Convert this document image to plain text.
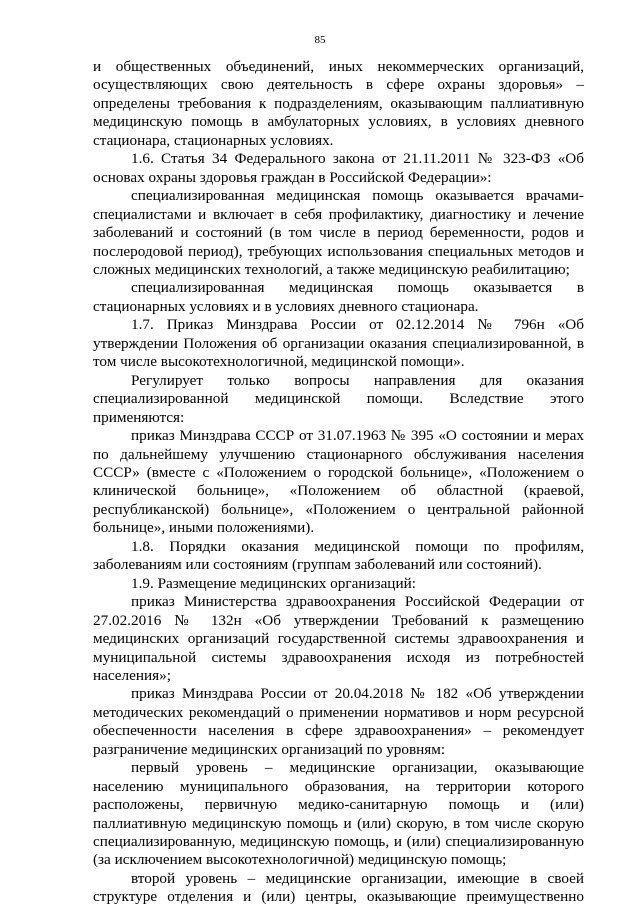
85

и общественных объединений, иных некоммерческих организаций, осуществляющих свою деятельность в сфере охраны здоровья» – определены требования к подразделениям, оказывающим паллиативную медицинскую помощь в амбулаторных условиях, в условиях дневного стационара, стационарных условиях.

1.6. Статья 34 Федерального закона от 21.11.2011 № 323-ФЗ «Об основах охраны здоровья граждан в Российской Федерации»:

специализированная медицинская помощь оказывается врачами-специалистами и включает в себя профилактику, диагностику и лечение заболеваний и состояний (в том числе в период беременности, родов и послеродовой период), требующих использования специальных методов и сложных медицинских технологий, а также медицинскую реабилитацию;

специализированная медицинская помощь оказывается в стационарных условиях и в условиях дневного стационара.

1.7. Приказ Минздрава России от 02.12.2014 № 796н «Об утверждении Положения об организации оказания специализированной, в том числе высокотехнологичной, медицинской помощи».

Регулирует только вопросы направления для оказания специализированной медицинской помощи. Вследствие этого применяются:

приказ Минздрава СССР от 31.07.1963 № 395 «О состоянии и мерах по дальнейшему улучшению стационарного обслуживания населения СССР» (вместе с «Положением о городской больнице», «Положением о клинической больнице», «Положением об областной (краевой, республиканской) больнице», «Положением о центральной районной больнице», иными положениями).

1.8. Порядки оказания медицинской помощи по профилям, заболеваниям или состояниям (группам заболеваний или состояний).

1.9. Размещение медицинских организаций:

приказ Министерства здравоохранения Российской Федерации от 27.02.2016 № 132н «Об утверждении Требований к размещению медицинских организаций государственной системы здравоохранения и муниципальной системы здравоохранения исходя из потребностей населения»;

приказ Минздрава России от 20.04.2018 № 182 «Об утверждении методических рекомендаций о применении нормативов и норм ресурсной обеспеченности населения в сфере здравоохранения» – рекомендует разграничение медицинских организаций по уровням:

первый уровень – медицинские организации, оказывающие населению муниципального образования, на территории которого расположены, первичную медико-санитарную помощь и (или) паллиативную медицинскую помощь и (или) скорую, в том числе скорую специализированную, медицинскую помощь, и (или) специализированную (за исключением высокотехнологичной) медицинскую помощь;

второй уровень – медицинские организации, имеющие в своей структуре отделения и (или) центры, оказывающие преимущественно
